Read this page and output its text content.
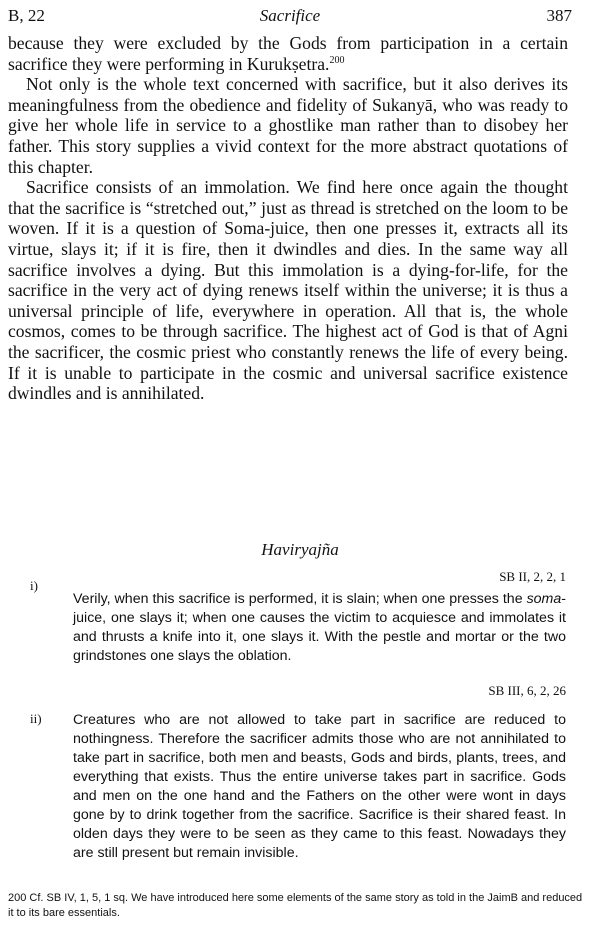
B, 22	Sacrifice	387

because they were excluded by the Gods from participation in a certain sacrifice they were performing in Kurukṣetra.$^{200}$

Not only is the whole text concerned with sacrifice, but it also derives its meaningfulness from the obedience and fidelity of Sukanyā, who was ready to give her whole life in service to a ghostlike man rather than to disobey her father. This story supplies a vivid context for the more abstract quotations of this chapter.

Sacrifice consists of an immolation. We find here once again the thought that the sacrifice is “stretched out,” just as thread is stretched on the loom to be woven. If it is a question of Soma-juice, then one presses it, extracts all its virtue, slays it; if it is fire, then it dwindles and dies. In the same way all sacrifice involves a dying. But this immolation is a dying-for-life, for the sacrifice in the very act of dying renews itself within the universe; it is thus a universal principle of life, everywhere in operation. All that is, the whole cosmos, comes to be through sacrifice. The highest act of God is that of Agni the sacrificer, the cosmic priest who constantly renews the life of every being. If it is unable to participate in the cosmic and universal sacrifice existence dwindles and is annihilated.

Haviryajña
SB II, 2, 2, 1
i)
Verily, when this sacrifice is performed, it is slain; when one presses the soma-juice, one slays it; when one causes the victim to acquiesce and immolates it and thrusts a knife into it, one slays it. With the pestle and mortar or the two grindstones one slays the oblation.
SB III, 6, 2, 26
ii) Creatures who are not allowed to take part in sacrifice are reduced to nothingness. Therefore the sacrificer admits those who are not annihilated to take part in sacrifice, both men and beasts, Gods and birds, plants, trees, and everything that exists. Thus the entire universe takes part in sacrifice. Gods and men on the one hand and the Fathers on the other were wont in days gone by to drink together from the sacrifice. Sacrifice is their shared feast. In olden days they were to be seen as they came to this feast. Nowadays they are still present but remain invisible.
200 Cf. SB IV, 1, 5, 1 sq. We have introduced here some elements of the same story as told in the JaimB and reduced it to its bare essentials.
